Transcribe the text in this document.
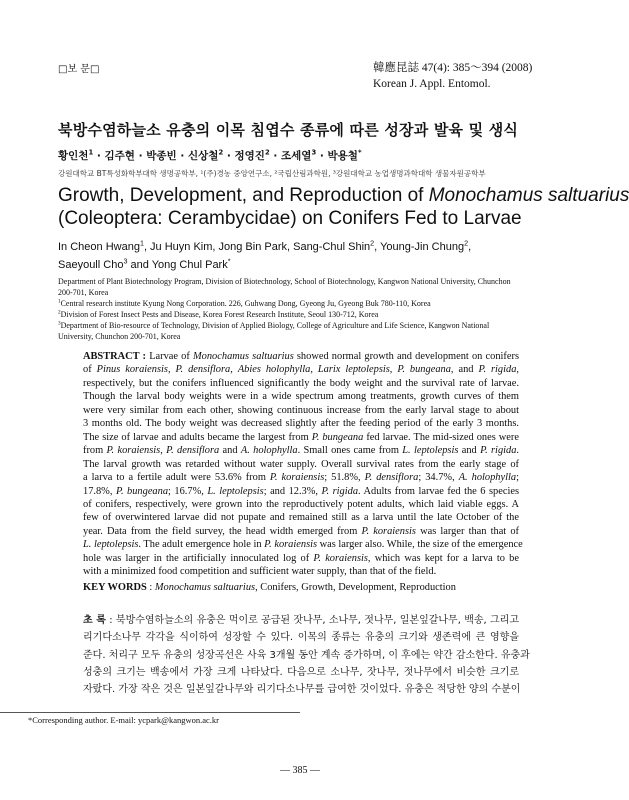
□보 문□	韓應昆誌 47(4): 385～394 (2008)
Korean J. Appl. Entomol.
북방수염하늘소 유충의 이목 침엽수 종류에 따른 성장과 발육 및 생식
황인천$^1$ · 김주현 · 박종빈 · 신상철$^2$ · 정영진$^2$ · 조세열$^3$ · 박용철*
강원대학교 BT특성화학부대학 생명공학부, ¹(주)경농 중앙연구소, ²국립산림과학원, ³강원대학교 농업생명과학대학 생물자원공학부
Growth, Development, and Reproduction of Monochamus saltuarius
(Coleoptera: Cerambycidae) on Conifers Fed to Larvae
In Cheon Hwang$^1$, Ju Huyn Kim, Jong Bin Park, Sang-Chul Shin$^2$, Young-Jin Chung$^2$,
Saeyoull Cho$^3$ and Yong Chul Park*
Department of Plant Biotechnology Program, Division of Biotechnology, School of Biotechnology, Kangwon National University, Chunchon
200-701, Korea
$^1$Central research institute Kyung Nong Corporation. 226, Guhwang Dong, Gyeong Ju, Gyeong Buk 780-110, Korea
$^2$Division of Forest Insect Pests and Disease, Korea Forest Research Institute, Seoul 130-712, Korea
$^3$Department of Bio-resource of Technology, Division of Applied Biology, College of Agriculture and Life Science, Kangwon National
University, Chunchon 200-701, Korea
ABSTRACT : Larvae of Monochamus saltuarius showed normal growth and development on conifers
of Pinus koraiensis, P. densiflora, Abies holophylla, Larix leptolepsis, P. bungeana, and P. rigida,
respectively, but the conifers influenced significantly the body weight and the survival rate of larvae.
Though the larval body weights were in a wide spectrum among treatments, growth curves of them
were very similar from each other, showing continuous increase from the early larval stage to about
3 months old. The body weight was decreased slightly after the feeding period of the early 3 months.
The size of larvae and adults became the largest from P. bungeana fed larvae. The mid-sized ones were
from P. koraiensis, P. densiflora and A. holophylla. Small ones came from L. leptolepsis and P. rigida.
The larval growth was retarded without water supply. Overall survival rates from the early stage of
a larva to a fertile adult were 53.6% from P. koraiensis; 51.8%, P. densiflora; 34.7%, A. holophylla;
17.8%, P. bungeana; 16.7%, L. leptolepsis; and 12.3%, P. rigida. Adults from larvae fed the 6 species
of conifers, respectively, were grown into the reproductively potent adults, which laid viable eggs. A
few of overwintered larvae did not pupate and remained still as a larva until the late October of the
year. Data from the field survey, the head width emerged from P. koraiensis was larger than that of
L. leptolepsis. The adult emergence hole in P. koraiensis was larger also. While, the size of the emergence
hole was larger in the artificially innoculated log of P. koraiensis, which was kept for a larva to be
with a minimized food competition and sufficient water supply, than that of the field.
KEY WORDS : Monochamus saltuarius, Conifers, Growth, Development, Reproduction
초 록 : 북방수염하늘소의 유충은 먹이로 공급된 잣나무, 소나무, 젓나무, 일본잎갈나무, 백송, 그리고
리기다소나무 각각을 식이하여 성장할 수 있다. 이목의 종류는 유충의 크기와 생존력에 큰 영향을
준다. 처리구 모두 유충의 성장곡선은 사육 3개월 동안 계속 증가하며, 이 후에는 약간 감소한다. 유충과
성충의 크기는 백송에서 가장 크게 나타났다. 다음으로 소나무, 잣나무, 젓나무에서 비슷한 크기로
자랐다. 가장 작은 것은 일본잎갈나무와 리기다소나무를 급여한 것이었다. 유충은 적당한 양의 수분이
*Corresponding author. E-mail: ycpark@kangwon.ac.kr
— 385 —
